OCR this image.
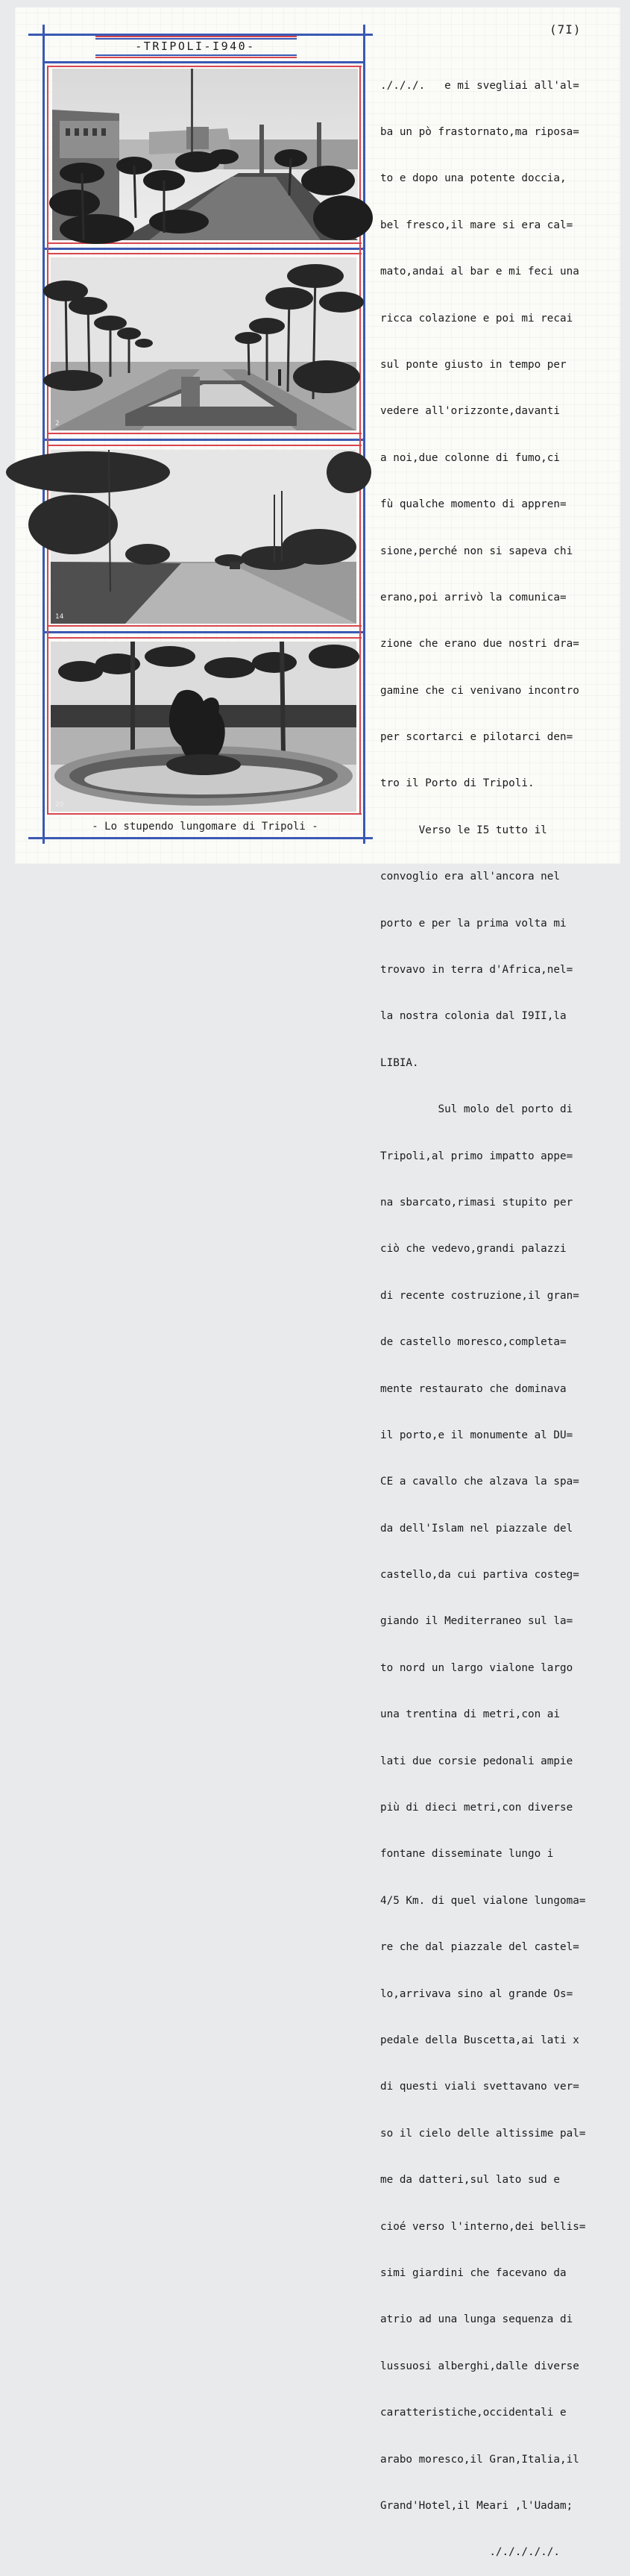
(7I)
-TRIPOLI-I940-
2
14
20
- Lo stupendo lungomare di Tripoli -

./././.   e mi svegliai all'al=

ba un pò frastornato,ma riposa=

to e dopo una potente doccia,

bel fresco,il mare si era cal=

mato,andai al bar e mi feci una

ricca colazione e poi mi recai

sul ponte giusto in tempo per

vedere all'orizzonte,davanti

a noi,due colonne di fumo,ci

fù qualche momento di appren=

sione,perché non si sapeva chi

erano,poi arrivò la comunica=

zione che erano due nostri dra=

gamine che ci venivano incontro

per scortarci e pilotarci den=

tro il Porto di Tripoli.

Verso le I5 tutto il

convoglio era all'ancora nel

porto e per la prima volta mi

trovavo in terra d'Africa,nel=

la nostra colonia dal I9II,la

LIBIA.

Sul molo del porto di

Tripoli,al primo impatto appe=

na sbarcato,rimasi stupito per

ciò che vedevo,grandi palazzi

di recente costruzione,il gran=

de castello moresco,completa=

mente restaurato che dominava

il porto,e il monumente al DU=

CE a cavallo che alzava la spa=

da dell'Islam nel piazzale del

castello,da cui partiva costeg=

giando il Mediterraneo sul la=

to nord un largo vialone largo

una trentina di metri,con ai

lati due corsie pedonali ampie

più di dieci metri,con diverse

fontane disseminate lungo i

4/5 Km. di quel vialone lungoma=

re che dal piazzale del castel=

lo,arrivava sino al grande Os=

pedale della Buscetta,ai lati x

di questi viali svettavano ver=

so il cielo delle altissime pal=

me da datteri,sul lato sud e

cioé verso l'interno,dei bellis=

simi giardini che facevano da

atrio ad una lunga sequenza di

lussuosi alberghi,dalle diverse

caratteristiche,occidentali e

arabo moresco,il Gran,Italia,il

Grand'Hotel,il Meari ,l'Uadam;

./././././.
